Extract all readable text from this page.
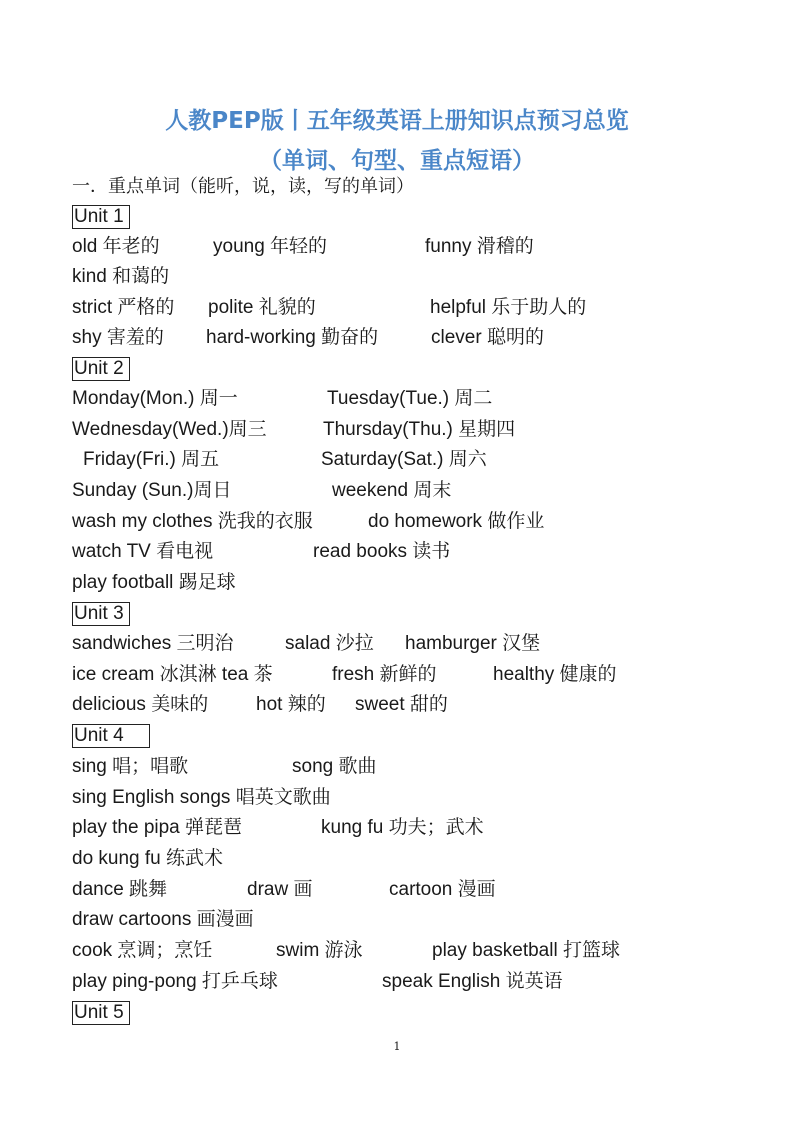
人教PEP版丨五年级英语上册知识点预习总览
（单词、句型、重点短语）
一．重点单词（能听，说，读，写的单词）
Unit 1
old 年老的	young 年轻的	funny 滑稽的
kind 和蔼的
strict 严格的 polite 礼貌的	helpful 乐于助人的
shy 害羞的 hard-working 勤奋的	clever 聪明的
Unit 2
Monday(Mon.) 周一	Tuesday(Tue.) 周二
Wednesday(Wed.)周三	Thursday(Thu.) 星期四
Friday(Fri.) 周五	Saturday(Sat.) 周六
Sunday (Sun.)周日	weekend 周末
wash my clothes 洗我的衣服	do homework 做作业
watch TV 看电视	read books 读书
play football 踢足球
Unit 3
sandwiches 三明治	salad 沙拉 hamburger 汉堡
ice cream 冰淇淋 tea 茶	fresh 新鲜的	healthy 健康的
delicious 美味的	hot 辣的 sweet 甜的
Unit 4
sing 唱；唱歌	song 歌曲
sing English songs 唱英文歌曲
play the pipa 弹琵琶	kung fu 功夫；武术
do kung fu 练武术
dance 跳舞	draw 画	cartoon 漫画
draw cartoons 画漫画
cook 烹调；烹饪	swim 游泳	play basketball 打篮球
play ping-pong 打乒乓球	speak English 说英语
Unit 5
1
